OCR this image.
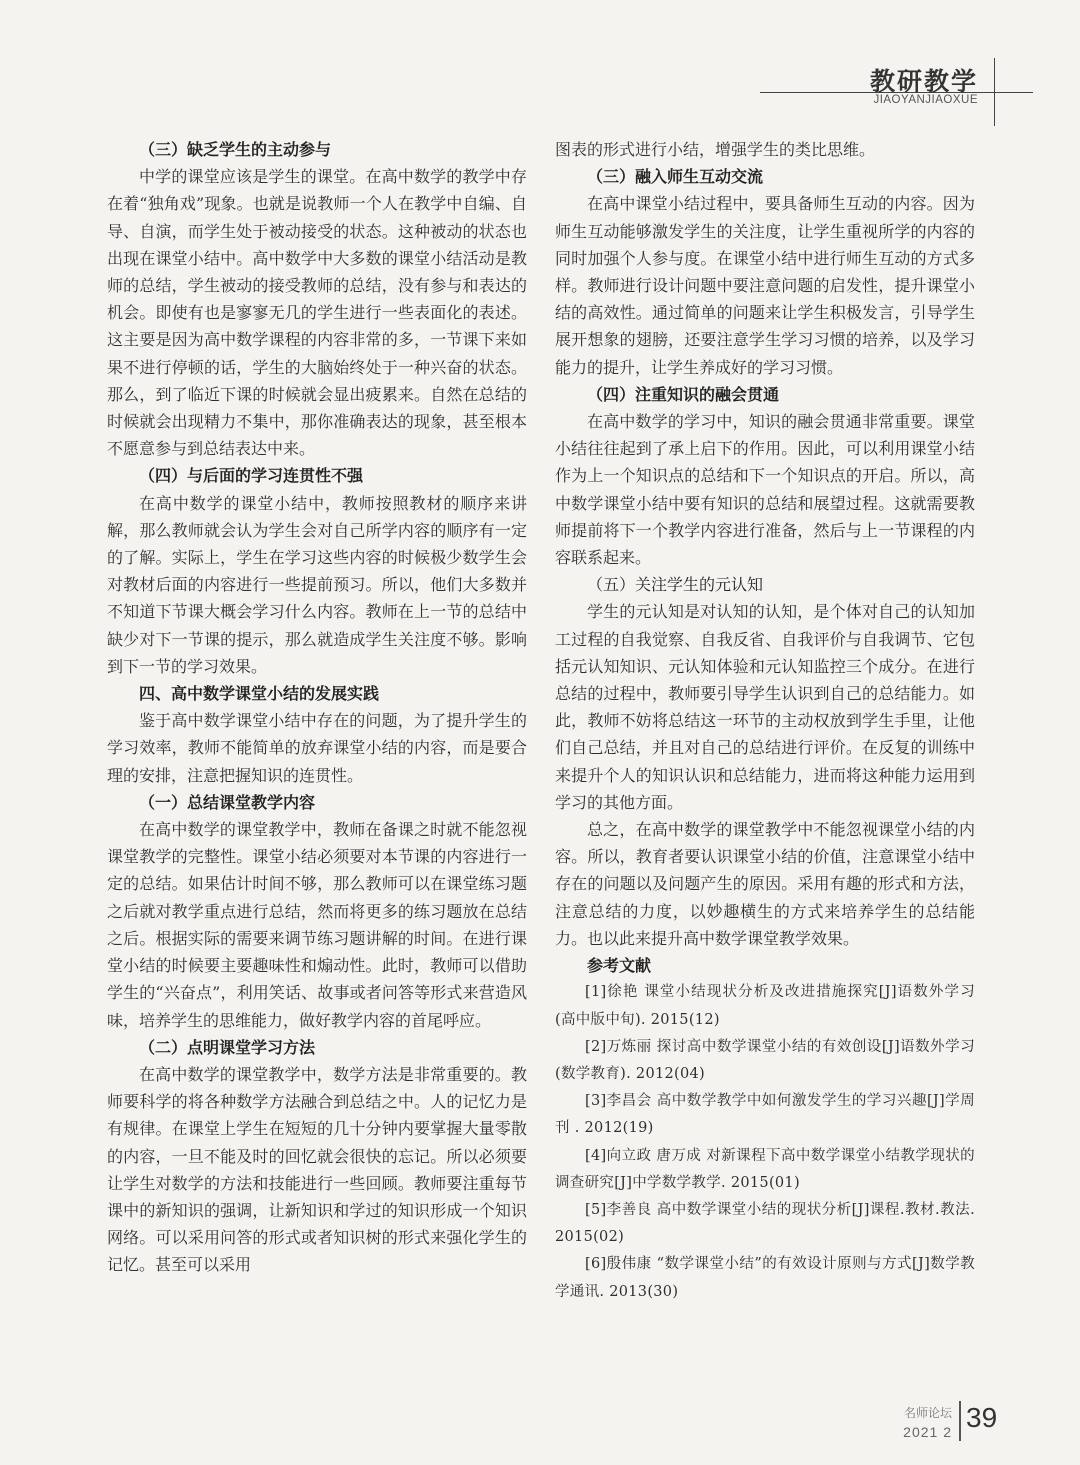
教研教学
JIAOYANJIAOXUE
（三）缺乏学生的主动参与

中学的课堂应该是学生的课堂。在高中数学的教学中存在着“独角戏”现象。也就是说教师一个人在教学中自编、自导、自演，而学生处于被动接受的状态。这种被动的状态也出现在课堂小结中。高中数学中大多数的课堂小结活动是教师的总结，学生被动的接受教师的总结，没有参与和表达的机会。即使有也是寥寥无几的学生进行一些表面化的表述。这主要是因为高中数学课程的内容非常的多，一节课下来如果不进行停顿的话，学生的大脑始终处于一种兴奋的状态。那么，到了临近下课的时候就会显出疲累来。自然在总结的时候就会出现精力不集中，那你准确表达的现象，甚至根本不愿意参与到总结表达中来。

（四）与后面的学习连贯性不强

在高中数学的课堂小结中，教师按照教材的顺序来讲解，那么教师就会认为学生会对自己所学内容的顺序有一定的了解。实际上，学生在学习这些内容的时候极少数学生会对教材后面的内容进行一些提前预习。所以，他们大多数并不知道下节课大概会学习什么内容。教师在上一节的总结中缺少对下一节课的提示，那么就造成学生关注度不够。影响到下一节的学习效果。

四、高中数学课堂小结的发展实践

鉴于高中数学课堂小结中存在的问题，为了提升学生的学习效率，教师不能简单的放弃课堂小结的内容，而是要合理的安排，注意把握知识的连贯性。

（一）总结课堂教学内容

在高中数学的课堂教学中，教师在备课之时就不能忽视课堂教学的完整性。课堂小结必须要对本节课的内容进行一定的总结。如果估计时间不够，那么教师可以在课堂练习题之后就对教学重点进行总结，然而将更多的练习题放在总结之后。根据实际的需要来调节练习题讲解的时间。在进行课堂小结的时候要主要趣味性和煽动性。此时，教师可以借助学生的“兴奋点”，利用笑话、故事或者问答等形式来营造风味，培养学生的思维能力，做好教学内容的首尾呼应。

（二）点明课堂学习方法

在高中数学的课堂教学中，数学方法是非常重要的。教师要科学的将各种数学方法融合到总结之中。人的记忆力是有规律。在课堂上学生在短短的几十分钟内要掌握大量零散的内容，一旦不能及时的回忆就会很快的忘记。所以必须要让学生对数学的方法和技能进行一些回顾。教师要注重每节课中的新知识的强调，让新知识和学过的知识形成一个知识网络。可以采用问答的形式或者知识树的形式来强化学生的记忆。甚至可以采用

图表的形式进行小结，增强学生的类比思维。

（三）融入师生互动交流

在高中课堂小结过程中，要具备师生互动的内容。因为师生互动能够激发学生的关注度，让学生重视所学的内容的同时加强个人参与度。在课堂小结中进行师生互动的方式多样。教师进行设计问题中要注意问题的启发性，提升课堂小结的高效性。通过简单的问题来让学生积极发言，引导学生展开想象的翅膀，还要注意学生学习习惯的培养，以及学习能力的提升，让学生养成好的学习习惯。

（四）注重知识的融会贯通

在高中数学的学习中，知识的融会贯通非常重要。课堂小结往往起到了承上启下的作用。因此，可以利用课堂小结作为上一个知识点的总结和下一个知识点的开启。所以，高中数学课堂小结中要有知识的总结和展望过程。这就需要教师提前将下一个教学内容进行准备，然后与上一节课程的内容联系起来。

（五）关注学生的元认知

学生的元认知是对认知的认知，是个体对自己的认知加工过程的自我觉察、自我反省、自我评价与自我调节、它包括元认知知识、元认知体验和元认知监控三个成分。在进行总结的过程中，教师要引导学生认识到自己的总结能力。如此，教师不妨将总结这一环节的主动权放到学生手里，让他们自己总结，并且对自己的总结进行评价。在反复的训练中来提升个人的知识认识和总结能力，进而将这种能力运用到学习的其他方面。

总之，在高中数学的课堂教学中不能忽视课堂小结的内容。所以，教育者要认识课堂小结的价值，注意课堂小结中存在的问题以及问题产生的原因。采用有趣的形式和方法，注意总结的力度，以妙趣横生的方式来培养学生的总结能力。也以此来提升高中数学课堂教学效果。

参考文献

[1]徐艳 课堂小结现状分析及改进措施探究[J]语数外学习(高中版中旬). 2015(12)

[2]万炼丽 探讨高中数学课堂小结的有效创设[J]语数外学习(数学教育). 2012(04)

[3]李昌会 高中数学教学中如何激发学生的学习兴趣[J]学周刊 . 2012(19)

[4]向立政 唐万成 对新课程下高中数学课堂小结教学现状的调查研究[J]中学数学教学. 2015(01)

[5]李善良 高中数学课堂小结的现状分析[J]课程.教材.教法. 2015(02)

[6]殷伟康 “数学课堂小结”的有效设计原则与方式[J]数学教学通讯. 2013(30)

名师论坛
2021 2 39
